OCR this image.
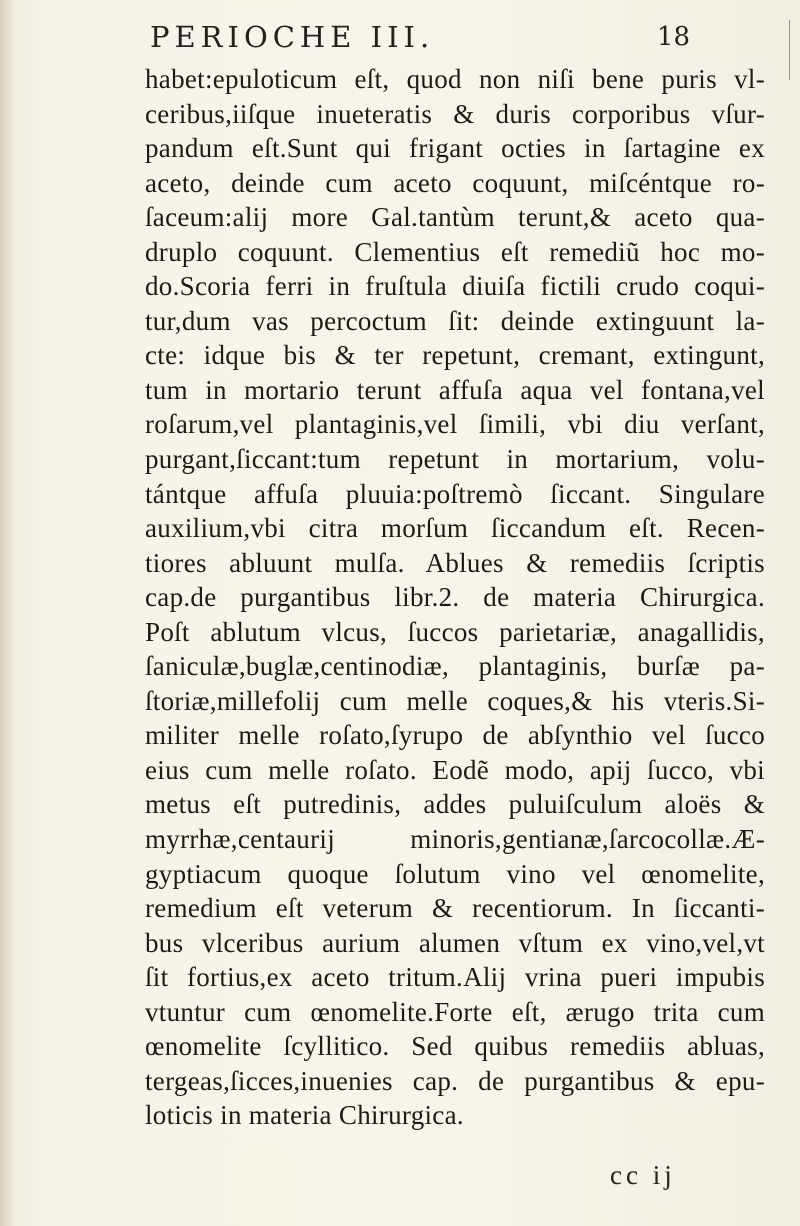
PERIOCHE III.	18
habet:epuloticum eſt, quod non niſi bene puris vl-
ceribus,iiſque inueteratis & duris corporibus vſur-
pandum eſt.Sunt qui frigant octies in ſartagine ex
aceto, deinde cum aceto coquunt, miſcéntque ro-
ſaceum:alij more Gal.tantùm terunt,& aceto qua-
druplo coquunt. Clementius eſt remediũ hoc mo-
do.Scoria ferri in fruſtula diuiſa fictili crudo coqui-
tur,dum vas percoctum ſit: deinde extinguunt la-
cte: idque bis & ter repetunt, cremant, extingunt,
tum in mortario terunt affuſa aqua vel fontana,vel
roſarum,vel plantaginis,vel ſimili, vbi diu verſant,
purgant,ſiccant:tum repetunt in mortarium, volu-
tántque affuſa pluuia:poſtremò ſiccant. Singulare
auxilium,vbi citra morſum ſiccandum eſt. Recen-
tiores abluunt mulſa. Ablues & remediis ſcriptis
cap.de purgantibus libr.2. de materia Chirurgica.
Poſt ablutum vlcus, ſuccos parietariæ, anagallidis,
ſaniculæ,buglæ,centinodiæ, plantaginis, burſæ pa-
ſtoriæ,millefolij cum melle coques,& his vteris.Si-
militer melle roſato,ſyrupo de abſynthio vel ſucco
eius cum melle roſato. Eodẽ modo, apij ſucco, vbi
metus eſt putredinis, addes puluiſculum aloës &
myrrhæ,centaurij minoris,gentianæ,ſarcocollæ.Æ-
gyptiacum quoque ſolutum vino vel œnomelite,
remedium eſt veterum & recentiorum. In ſiccanti-
bus vlceribus aurium alumen vſtum ex vino,vel,vt
ſit fortius,ex aceto tritum.Alij vrina pueri impubis
vtuntur cum œnomelite.Forte eſt, ærugo trita cum
œnomelite ſcyllitico. Sed quibus remediis abluas,
tergeas,ſicces,inuenies cap. de purgantibus & epu-
loticis in materia Chirurgica.
cc ij
